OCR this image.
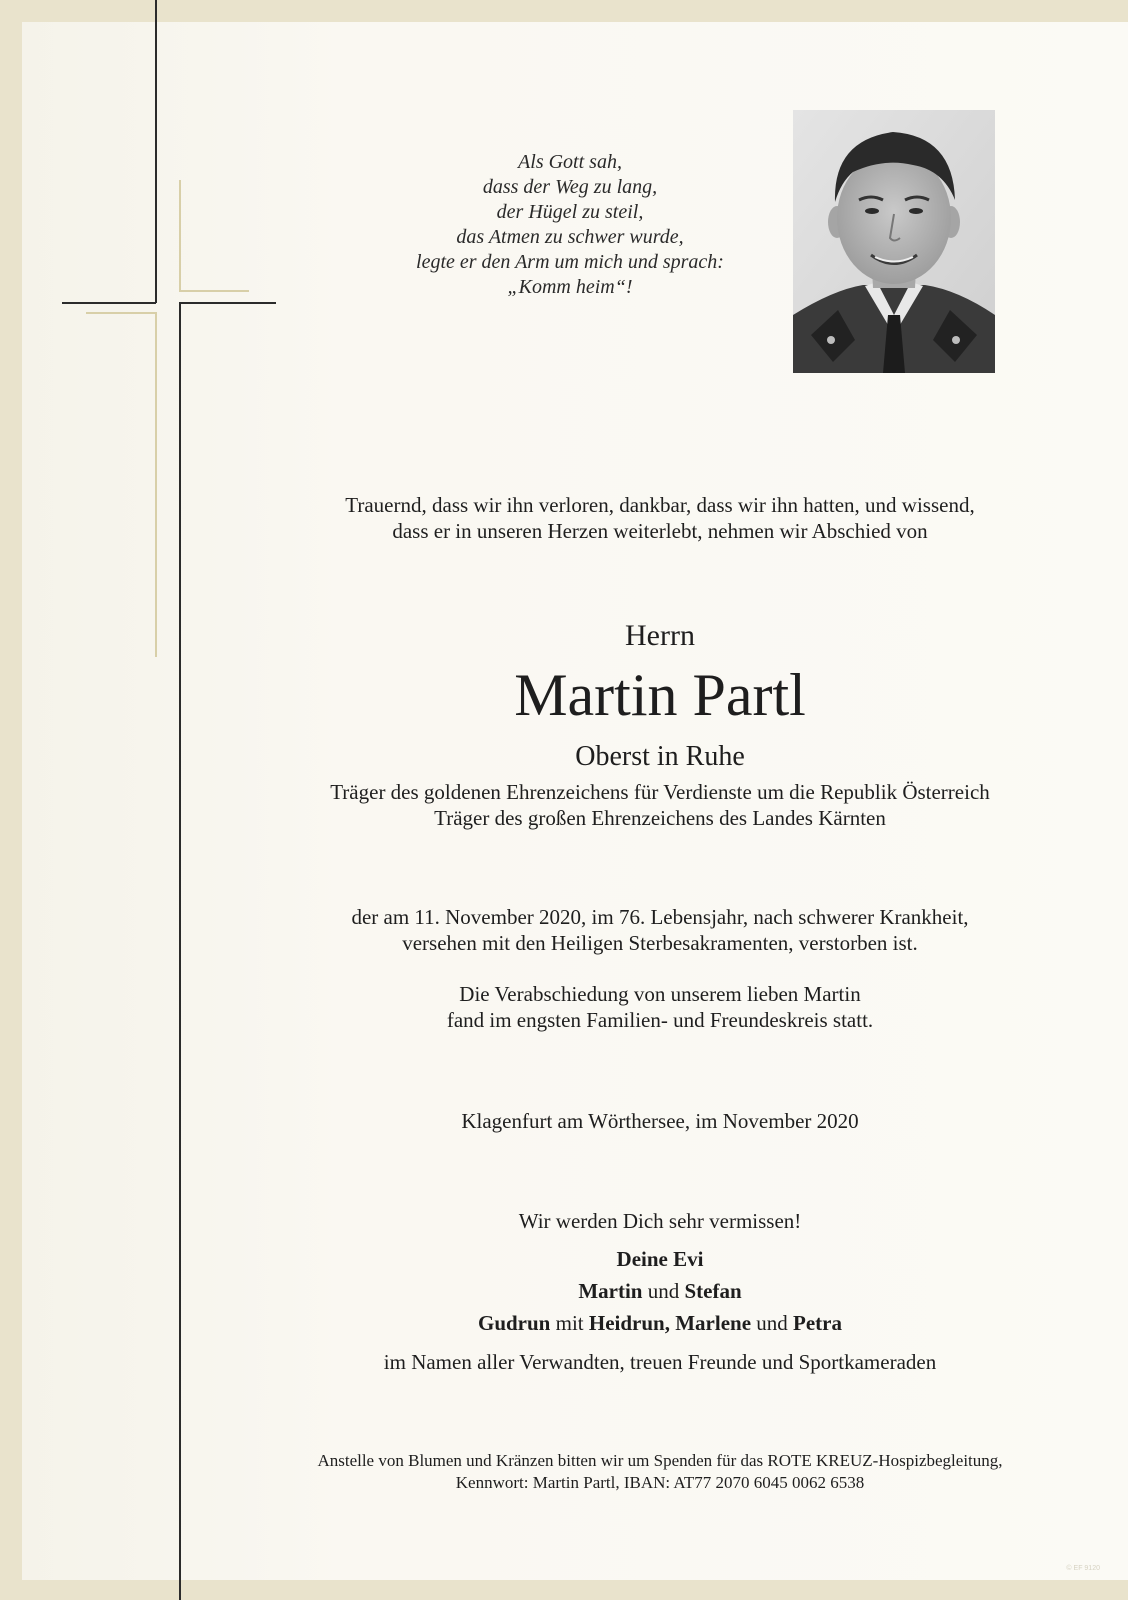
Als Gott sah,
dass der Weg zu lang,
der Hügel zu steil,
das Atmen zu schwer wurde,
legte er den Arm um mich und sprach:
„Komm heim“!
Trauernd, dass wir ihn verloren, dankbar, dass wir ihn hatten, und wissend,
dass er in unseren Herzen weiterlebt, nehmen wir Abschied von
Herrn
Martin Partl
Oberst in Ruhe
Träger des goldenen Ehrenzeichens für Verdienste um die Republik Österreich
Träger des großen Ehrenzeichens des Landes Kärnten
der am 11. November 2020, im 76. Lebensjahr, nach schwerer Krankheit,
versehen mit den Heiligen Sterbesakramenten, verstorben ist.
Die Verabschiedung von unserem lieben Martin
fand im engsten Familien- und Freundeskreis statt.
Klagenfurt am Wörthersee, im November 2020
Wir werden Dich sehr vermissen!
Deine Evi
Martin und Stefan
Gudrun mit Heidrun, Marlene und Petra
im Namen aller Verwandten, treuen Freunde und Sportkameraden
Anstelle von Blumen und Kränzen bitten wir um Spenden für das ROTE KREUZ-Hospizbegleitung,
Kennwort: Martin Partl, IBAN: AT77 2070 6045 0062 6538
© EF 9120
